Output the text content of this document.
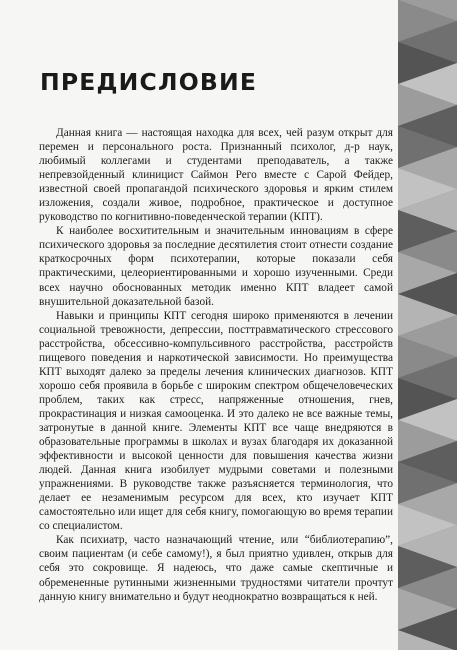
ПРЕДИСЛОВИЕ

Данная книга — настоящая находка для всех, чей разум открыт для перемен и персонального роста. Признанный психолог, д-р наук, любимый коллегами и студентами преподаватель, а также непревзойденный клиницист Саймон Рего вместе с Сарой Фейдер, известной своей пропагандой психического здоровья и ярким стилем изложения, создали живое, подробное, практическое и доступное руководство по когнитивно-поведенческой терапии (КПТ).

К наиболее восхитительным и значительным инновациям в сфере психического здоровья за последние десятилетия стоит отнести создание краткосрочных форм психотерапии, которые показали себя практическими, целеориентированными и хорошо изученными. Среди всех научно обоснованных методик именно КПТ владеет самой внушительной доказательной базой.

Навыки и принципы КПТ сегодня широко применяются в лечении социальной тревожности, депрессии, посттравматического стрессового расстройства, обсессивно-компульсивного расстройства, расстройств пищевого поведения и наркотической зависимости. Но преимущества КПТ выходят далеко за пределы лечения клинических диагнозов. КПТ хорошо себя проявила в борьбе с широким спектром общечеловеческих проблем, таких как стресс, напряженные отношения, гнев, прокрастинация и низкая самооценка. И это далеко не все важные темы, затронутые в данной книге. Элементы КПТ все чаще внедряются в образовательные программы в школах и вузах благодаря их доказанной эффективности и высокой ценности для повышения качества жизни людей. Данная книга изобилует мудрыми советами и полезными упражнениями. В руководстве также разъясняется терминология, что делает ее незаменимым ресурсом для всех, кто изучает КПТ самостоятельно или ищет для себя книгу, помогающую во время терапии со специалистом.

Как психиатр, часто назначающий чтение, или “библиотерапию”, своим пациентам (и себе самому!), я был приятно удивлен, открыв для себя это сокровище. Я надеюсь, что даже самые скептичные и обремененные рутинными жизненными трудностями читатели прочтут данную книгу внимательно и будут неоднократно возвращаться к ней.
